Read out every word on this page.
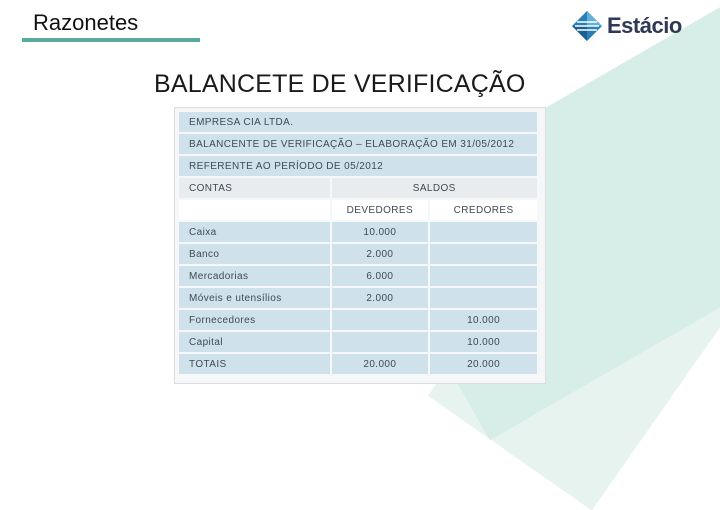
Razonetes	Estácio
BALANCETE DE VERIFICAÇÃO
EMPRESA CIA LTDA.		
BALANCENTE DE VERIFICAÇÃO – ELABORAÇÃO EM 31/05/2012		
REFERENTE AO PERÍODO DE 05/2012		
CONTAS	SALDOS	
	DEVEDORES	CREDORES
Caixa	10.000	
Banco	2.000	
Mercadorias	6.000	
Móveis e utensílios	2.000	
Fornecedores		10.000
Capital		10.000
TOTAIS	20.000	20.000
